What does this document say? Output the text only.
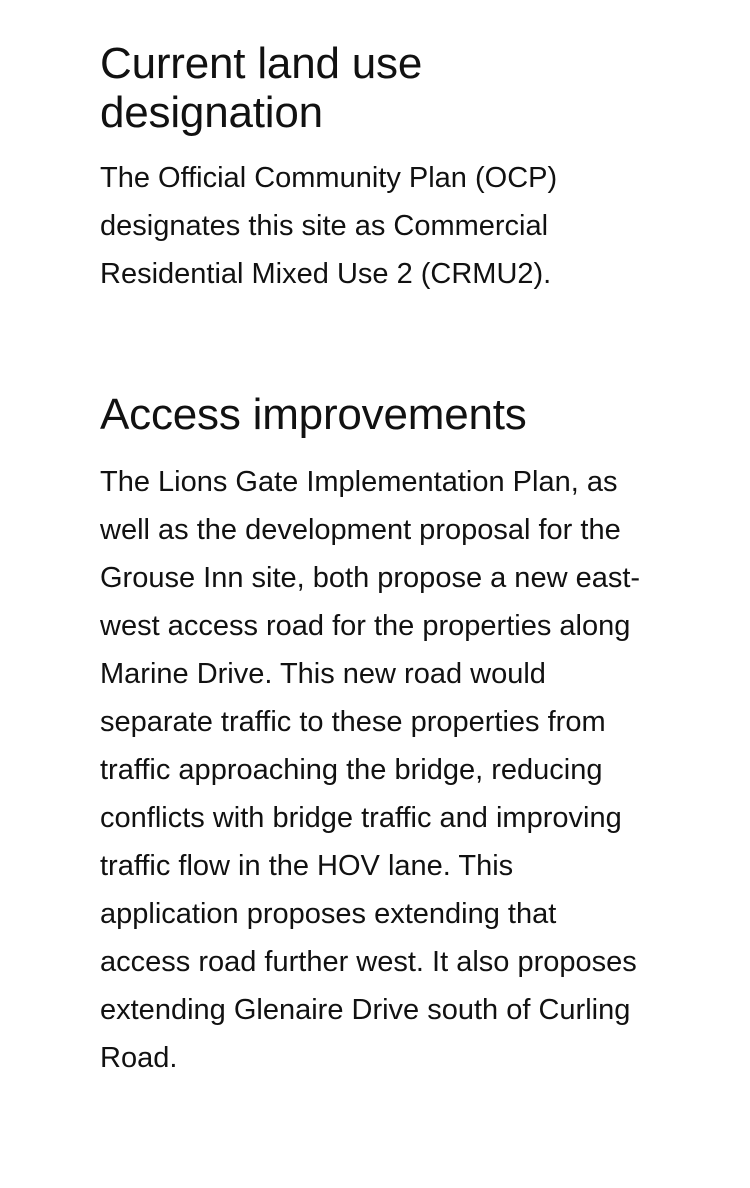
Current land use designation

The Official Community Plan (OCP) designates this site as Commercial Residential Mixed Use 2 (CRMU2).

Access improvements

The Lions Gate Implementation Plan, as well as the development proposal for the Grouse Inn site, both propose a new east-west access road for the properties along Marine Drive. This new road would separate traffic to these properties from traffic approaching the bridge, reducing conflicts with bridge traffic and improving traffic flow in the HOV lane. This application proposes extending that access road further west. It also proposes extending Glenaire Drive south of Curling Road.
